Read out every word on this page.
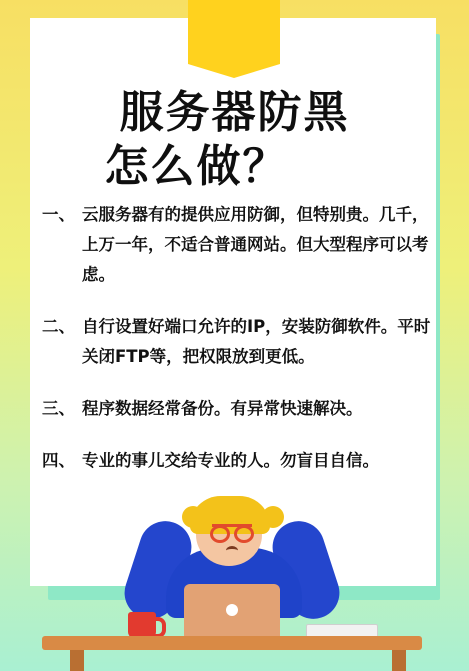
服务器防黑
怎么做？

一、 云服务器有的提供应用防御，但特别贵。几千，上万一年，不适合普通网站。但大型程序可以考虑。

二、 自行设置好端口允许的IP，安装防御软件。平时关闭FTP等，把权限放到更低。

三、 程序数据经常备份。有异常快速解决。

四、 专业的事儿交给专业的人。勿盲目自信。
